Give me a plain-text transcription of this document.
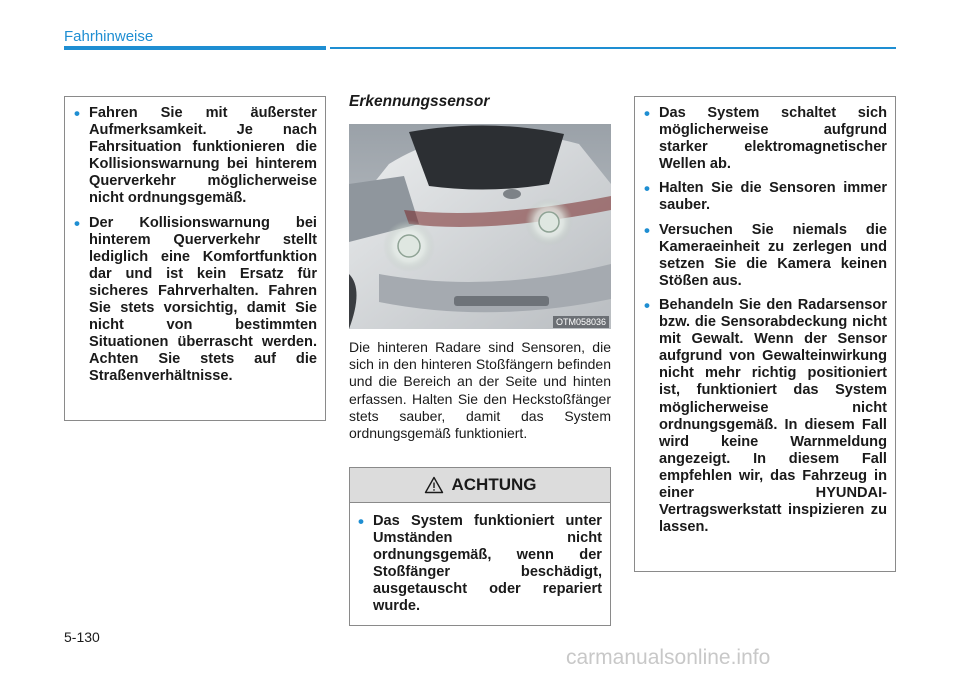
Fahrhinweise
• Fahren Sie mit äußerster Aufmerksamkeit. Je nach Fahrsituation funktionieren die Kollisionswarnung bei hinterem Querverkehr möglicherweise nicht ordnungsgemäß.
• Der Kollisionswarnung bei hinterem Querverkehr stellt lediglich eine Komfortfunktion dar und ist kein Ersatz für sicheres Fahrverhalten. Fahren Sie stets vorsichtig, damit Sie nicht von bestimmten Situationen überrascht werden. Achten Sie stets auf die Straßenverhältnisse.
Erkennungssensor
OTM058036

Die hinteren Radare sind Sensoren, die sich in den hinteren Stoßfängern befinden und die Bereich an der Seite und hinten erfassen. Halten Sie den Heckstoßfänger stets sauber, damit das System ordnungsgemäß funktioniert.

ACHTUNG
• Das System funktioniert unter Umständen nicht ordnungsgemäß, wenn der Stoßfänger beschädigt, ausgetauscht oder repariert wurde.
• Das System schaltet sich möglicherweise aufgrund starker elektromagnetischer Wellen ab.
• Halten Sie die Sensoren immer sauber.
• Versuchen Sie niemals die Kameraeinheit zu zerlegen und setzen Sie die Kamera keinen Stößen aus.
• Behandeln Sie den Radarsensor bzw. die Sensorabdeckung nicht mit Gewalt. Wenn der Sensor aufgrund von Gewalteinwirkung nicht mehr richtig positioniert ist, funktioniert das System möglicherweise nicht ordnungsgemäß. In diesem Fall wird keine Warnmeldung angezeigt. In diesem Fall empfehlen wir, das Fahrzeug in einer HYUNDAI-Vertragswerkstatt inspizieren zu lassen.
5-130
carmanualsonline.info
